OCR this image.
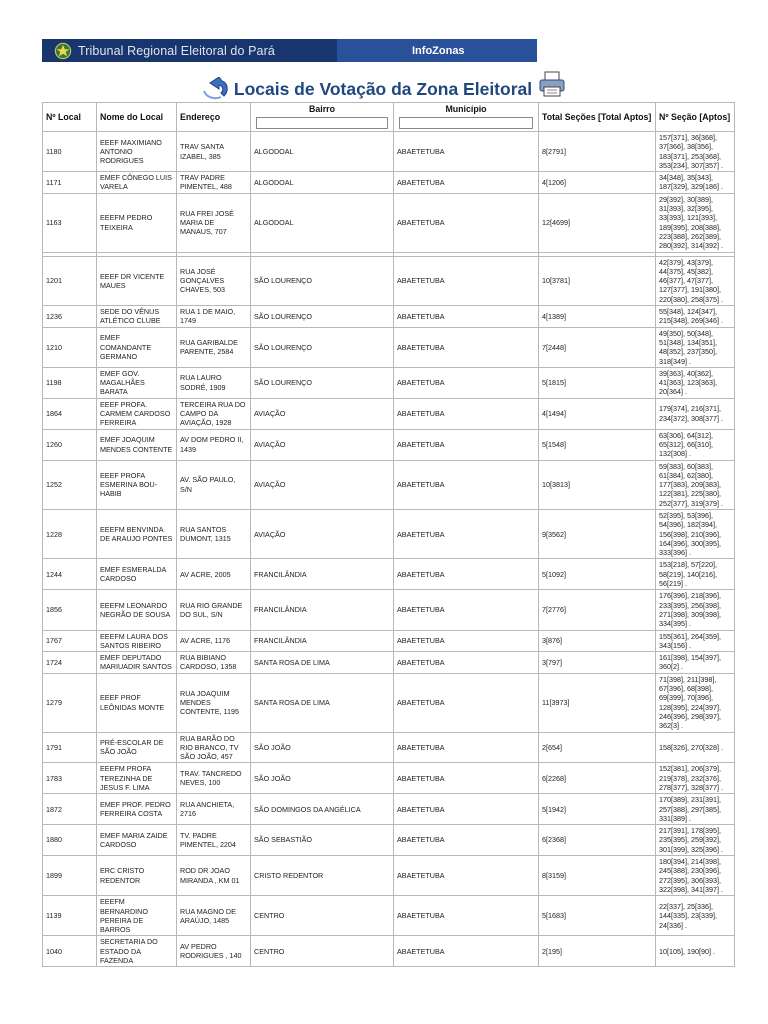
Tribunal Regional Eleitoral do Pará	InfoZonas
Locais de Votação da Zona Eleitoral
Nº Local	Nome do Local	Endereço	Bairro	Município	Total Seções [Total Aptos]	Nº Seção [Aptos]
1180	EEEF MAXIMIANO ANTONIO RODRIGUES	TRAV SANTA IZABEL, 385	ALGODOAL	ABAETETUBA	8[2791]	157[371], 36[368], 37[366], 38[356], 183[371], 253[368], 353[234], 307[357] .
1171	EMEF CÔNEGO LUIS VARELA	TRAV PADRE PIMENTEL, 488	ALGODOAL	ABAETETUBA	4[1206]	34[348], 35[343], 187[329], 329[186] .
1163	EEEFM PEDRO TEIXEIRA	RUA FREI JOSÉ MARIA DE MANAUS, 707	ALGODOAL	ABAETETUBA	12[4699]	29[392], 30[389], 31[393], 32[395], 33[393], 121[393], 189[395], 208[388], 223[388], 262[389], 280[392], 314[392] .

1201	EEEF DR VICENTE MAUES	RUA JOSÉ GONÇALVES CHAVES, 503	SÃO LOURENÇO	ABAETETUBA	10[3781]	42[379], 43[379], 44[375], 45[382], 46[377], 47[377], 127[377], 191[380], 220[380], 258[375] .
1236	SEDE DO VÊNUS ATLÉTICO CLUBE	RUA 1 DE MAIO, 1749	SÃO LOURENÇO	ABAETETUBA	4[1389]	55[348], 124[347], 215[348], 269[346] .
1210	EMEF COMANDANTE GERMANO	RUA GARIBALDE PARENTE, 2584	SÃO LOURENÇO	ABAETETUBA	7[2448]	49[350], 50[348], 51[348], 134[351], 48[352], 237[350], 318[349] .
1198	EMEF GOV. MAGALHÃES BARATA	RUA LAURO SODRÉ, 1909	SÃO LOURENÇO	ABAETETUBA	5[1815]	39[363], 40[362], 41[363], 123[363], 20[364] .
1864	EEEF PROFA. CARMEM CARDOSO FERREIRA	TERCEIRA RUA DO CAMPO DA AVIAÇÃO, 1928	AVIAÇÃO	ABAETETUBA	4[1494]	179[374], 216[371], 234[372], 308[377] .
1260	EMEF JOAQUIM MENDES CONTENTE	AV DOM PEDRO II, 1439	AVIAÇÃO	ABAETETUBA	5[1548]	63[306], 64[312], 65[312], 66[310], 132[308] .
1252	EEEF PROFA ESMERINA BOU-HABIB	AV. SÃO PAULO, S/N	AVIAÇÃO	ABAETETUBA	10[3813]	59[383], 60[383], 61[384], 62[380], 177[383], 209[383], 122[381], 225[380], 252[377], 319[379] .
1228	EEEFM BENVINDA DE ARAUJO PONTES	RUA SANTOS DUMONT, 1315	AVIAÇÃO	ABAETETUBA	9[3562]	52[395], 53[396], 54[396], 182[394], 156[398], 210[396], 164[396], 300[395], 333[396] .
1244	EMEF ESMERALDA CARDOSO	AV ACRE, 2005	FRANCILÂNDIA	ABAETETUBA	5[1092]	153[218], 57[220], 58[219], 140[216], 56[219] .
1856	EEEFM LEONARDO NEGRÃO DE SOUSA	RUA RIO GRANDE DO SUL, S/N	FRANCILÂNDIA	ABAETETUBA	7[2776]	176[396], 218[396], 233[395], 256[398], 271[398], 309[398], 334[395] .
1767	EEEFM LAURA DOS SANTOS RIBEIRO	AV ACRE, 1176	FRANCILÂNDIA	ABAETETUBA	3[876]	155[361], 264[359], 343[156] .
1724	EMEF DEPUTADO MARIUADIR SANTOS	RUA BIBIANO CARDOSO, 1358	SANTA ROSA DE LIMA	ABAETETUBA	3[797]	161[398], 154[397], 360[2] .
1279	EEEF PROF LEÔNIDAS MONTE	RUA JOAQUIM MENDES CONTENTE, 1195	SANTA ROSA DE LIMA	ABAETETUBA	11[3973]	71[398], 211[398], 67[396], 68[398], 69[399], 70[396], 128[395], 224[397], 246[396], 298[397], 362[3] .
1791	PRÉ-ESCOLAR DE SÃO JOÃO	RUA BARÃO DO RIO BRANCO, TV SÃO JOÃO, 457	SÃO JOÃO	ABAETETUBA	2[654]	158[326], 270[328] .
1783	EEEFM PROFA TEREZINHA DE JESUS F. LIMA	TRAV. TANCREDO NEVES, 100	SÃO JOÃO	ABAETETUBA	6[2268]	152[381], 206[379], 219[378], 232[376], 278[377], 328[377] .
1872	EMEF PROF. PEDRO FERREIRA COSTA	RUA ANCHIETA, 2716	SÃO DOMINGOS DA ANGÉLICA	ABAETETUBA	5[1942]	170[389], 231[391], 257[388], 297[385], 331[389] .
1880	EMEF MARIA ZAIDE CARDOSO	TV. PADRE PIMENTEL, 2204	SÃO SEBASTIÃO	ABAETETUBA	6[2368]	217[391], 178[395], 235[395], 259[392], 301[399], 325[396] .
1899	ERC CRISTO REDENTOR	ROD DR JOAO MIRANDA , KM 01	CRISTO REDENTOR	ABAETETUBA	8[3159]	180[394], 214[398], 245[388], 230[396], 272[395], 306[393], 322[398], 341[397] .
1139	EEEFM BERNARDINO PEREIRA DE BARROS	RUA MAGNO DE ARAÚJO, 1485	CENTRO	ABAETETUBA	5[1683]	22[337], 25[336], 144[335], 23[339], 24[336] .
1040	SECRETARIA DO ESTADO DA FAZENDA	AV PEDRO RODRIGUES , 140	CENTRO	ABAETETUBA	2[195]	10[105], 190[90] .
